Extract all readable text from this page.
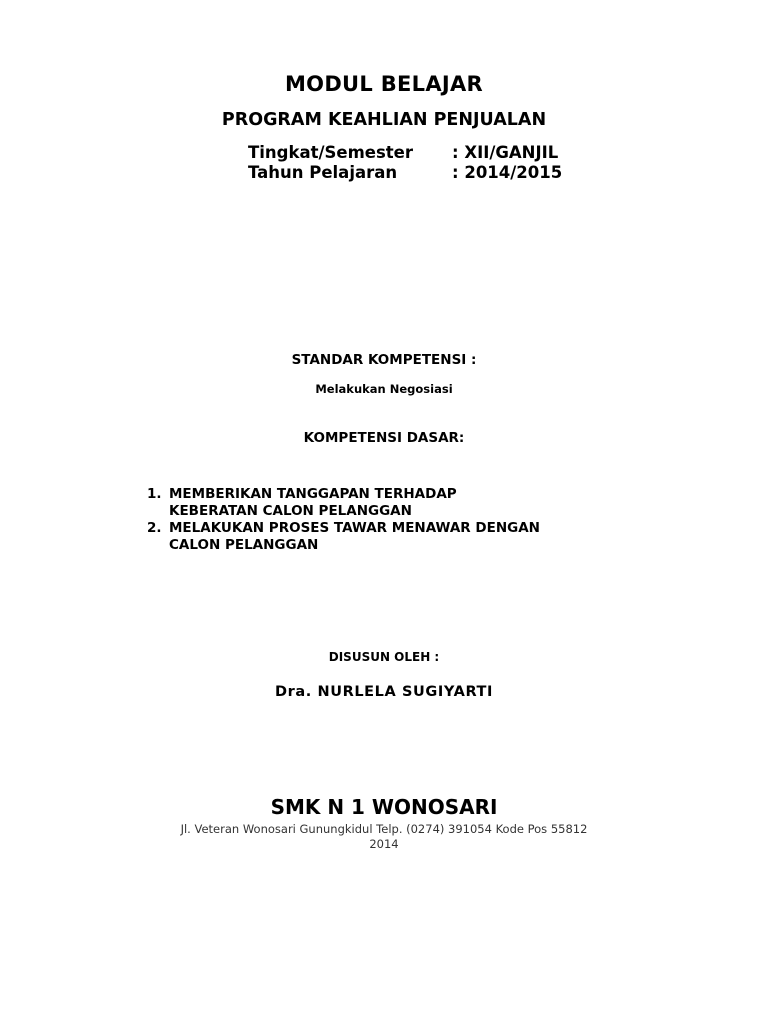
MODUL BELAJAR
PROGRAM KEAHLIAN PENJUALAN
Tingkat/Semester : XII/GANJIL
Tahun Pelajaran	: 2014/2015
STANDAR KOMPETENSI :
Melakukan Negosiasi
KOMPETENSI DASAR:
1. MEMBERIKAN TANGGAPAN TERHADAP
KEBERATAN CALON PELANGGAN
2. MELAKUKAN PROSES TAWAR MENAWAR DENGAN
CALON PELANGGAN
DISUSUN OLEH :
Dra. NURLELA SUGIYARTI
SMK N 1 WONOSARI
Jl. Veteran Wonosari Gunungkidul Telp. (0274) 391054 Kode Pos 55812
2014
